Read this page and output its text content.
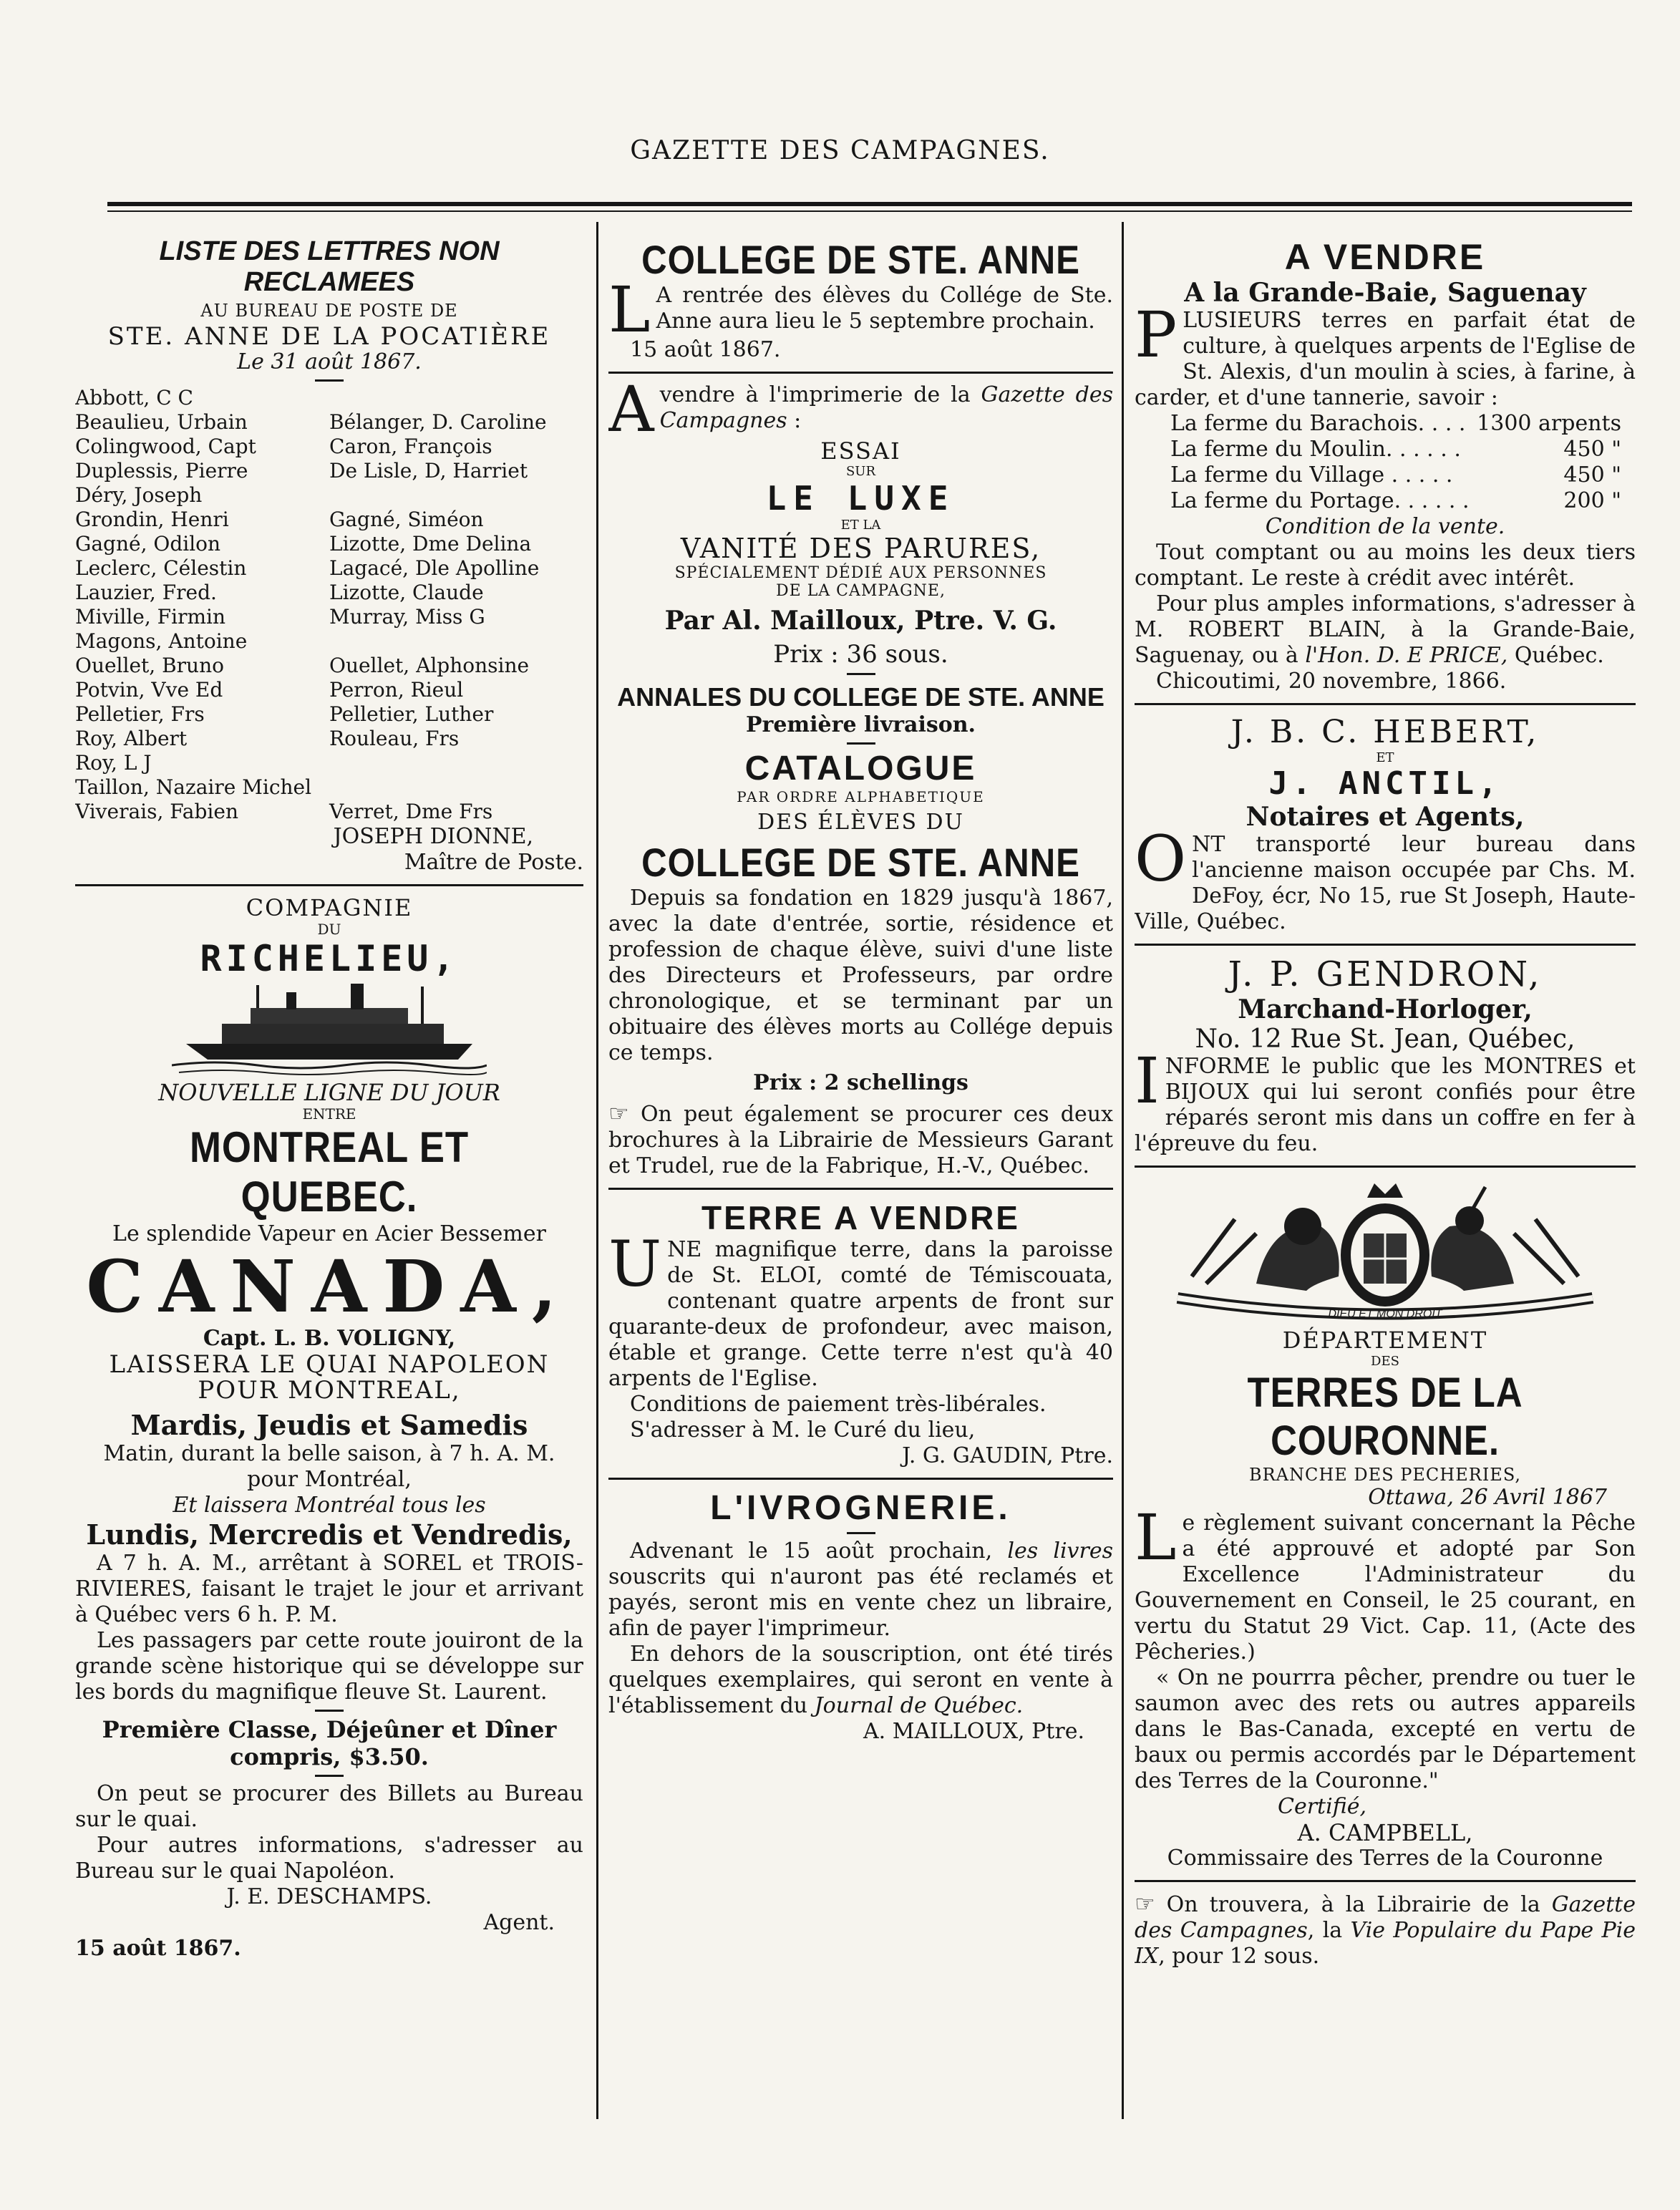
GAZETTE DES CAMPAGNES.
LISTE DES LETTRES NON RECLAMEES
AU BUREAU DE POSTE DE
STE. ANNE DE LA POCATIÈRE
Le 31 août 1867.
Abbott, C C
Beaulieu, Urbain
Colingwood, Capt
Duplessis, Pierre
Déry, Joseph
Grondin, Henri
Gagné, Odilon
Leclerc, Célestin
Lauzier, Fred.
Miville, Firmin
Magons, Antoine
Ouellet, Bruno
Potvin, Vve Ed
Pelletier, Frs
Roy, Albert
Roy, L J
Taillon, Nazaire Michel
Viverais, Fabien
Bélanger, D. Caroline
Caron, François
De Lisle, D, Harriet
Gagné, Siméon
Lizotte, Dme Delina
Lagacé, Dle Apolline
Lizotte, Claude
Murray, Miss G
Ouellet, Alphonsine
Perron, Rieul
Pelletier, Luther
Rouleau, Frs
Verret, Dme Frs
JOSEPH DIONNE,
Maître de Poste.
COMPAGNIE
DU
RICHELIEU,
NOUVELLE LIGNE DU JOUR
ENTRE
MONTREAL ET QUEBEC.
Le splendide Vapeur en Acier Bessemer
CANADA,
Capt. L. B. VOLIGNY,
LAISSERA LE QUAI NAPOLEON
POUR MONTREAL,
Mardis, Jeudis et Samedis
Matin, durant la belle saison, à 7 h. A. M.
pour Montréal,
Et laissera Montréal tous les
Lundis, Mercredis et Vendredis,
A 7 h. A. M., arrêtant à SOREL et TROIS-RIVIERES, faisant le trajet le jour et arrivant à Québec vers 6 h. P. M.
Les passagers par cette route jouiront de la grande scène historique qui se développe sur les bords du magnifique fleuve St. Laurent.
Première Classe, Déjeûner et Dîner compris, $3.50.
On peut se procurer des Billets au Bureau sur le quai.
Pour autres informations, s'adresser au Bureau sur le quai Napoléon.
J. E. DESCHAMPS.
Agent.
15 août 1867.
COLLEGE DE STE. ANNE
L A rentrée des élèves du Collége de Ste. Anne aura lieu le 5 septembre prochain.
15 août 1867.
Avendre à l'imprimerie de la Gazette des Campagnes :
ESSAI
SUR
LE LUXE
ET LA
VANITÉ DES PARURES,
SPÉCIALEMENT DÉDIÉ AUX PERSONNES
DE LA CAMPAGNE,
Par Al. Mailloux, Ptre. V. G.
Prix : 36 sous.
ANNALES DU COLLEGE DE STE. ANNE
Première livraison.
CATALOGUE
PAR ORDRE ALPHABETIQUE
DES ÉLÈVES DU
COLLEGE DE STE. ANNE
Depuis sa fondation en 1829 jusqu'à 1867, avec la date d'entrée, sortie, résidence et profession de chaque élève, suivi d'une liste des Directeurs et Professeurs, par ordre chronologique, et se terminant par un obituaire des élèves morts au Collége depuis ce temps.
Prix : 2 schellings
☞ On peut également se procurer ces deux brochures à la Librairie de Messieurs Garant et Trudel, rue de la Fabrique, H.-V., Québec.
TERRE A VENDRE
UNE magnifique terre, dans la paroisse de St. ELOI, comté de Témiscouata, contenant quatre arpents de front sur quarante-deux de profondeur, avec maison, étable et grange. Cette terre n'est qu'à 40 arpents de l'Eglise.
Conditions de paiement très-libérales.
S'adresser à M. le Curé du lieu,
J. G. GAUDIN, Ptre.
L'IVROGNERIE.
Advenant le 15 août prochain, les livres souscrits qui n'auront pas été reclamés et payés, seront mis en vente chez un libraire, afin de payer l'imprimeur.
En dehors de la souscription, ont été tirés quelques exemplaires, qui seront en vente à l'établissement du Journal de Québec.
A. MAILLOUX, Ptre.
A VENDRE
A la Grande-Baie, Saguenay
PLUSIEURS terres en parfait état de culture, à quelques arpents de l'Eglise de St. Alexis, d'un moulin à scies, à farine, à carder, et d'une tannerie, savoir :
La ferme du Barachois. . . . 1300 arpents
La ferme du Moulin. . . . . .	450 "
La ferme du Village . . . . .	450 "
La ferme du Portage. . . . . .	200 "
Condition de la vente.
Tout comptant ou au moins les deux tiers comptant. Le reste à crédit avec intérêt.
Pour plus amples informations, s'adresser à M. ROBERT BLAIN, à la Grande-Baie, Saguenay, ou à l'Hon. D. E PRICE, Québec.
Chicoutimi, 20 novembre, 1866.
J. B. C. HEBERT,
ET
J. ANCTIL,
Notaires et Agents,
ONT transporté leur bureau dans l'ancienne maison occupée par Chs. M. DeFoy, écr, No 15, rue St Joseph, Haute-Ville, Québec.
J. P. GENDRON,
Marchand-Horloger,
No. 12 Rue St. Jean, Québec,
INFORME le public que les MONTRES et BIJOUX qui lui seront confiés pour être réparés seront mis dans un coffre en fer à l'épreuve du feu.
DIEU ET MON DROIT
DÉPARTEMENT
DES
TERRES DE LA COURONNE.
BRANCHE DES PECHERIES,
Ottawa, 26 Avril 1867
Le règlement suivant concernant la Pêche a été approuvé et adopté par Son Excellence l'Administrateur du Gouvernement en Conseil, le 25 courant, en vertu du Statut 29 Vict. Cap. 11, (Acte des Pêcheries.)
« On ne pourrra pêcher, prendre ou tuer le saumon avec des rets ou autres appareils dans le Bas-Canada, excepté en vertu de baux ou permis accordés par le Département des Terres de la Couronne."
Certifié,
A. CAMPBELL,
Commissaire des Terres de la Couronne
☞ On trouvera, à la Librairie de la Gazette des Campagnes, la Vie Populaire du Pape Pie IX, pour 12 sous.
